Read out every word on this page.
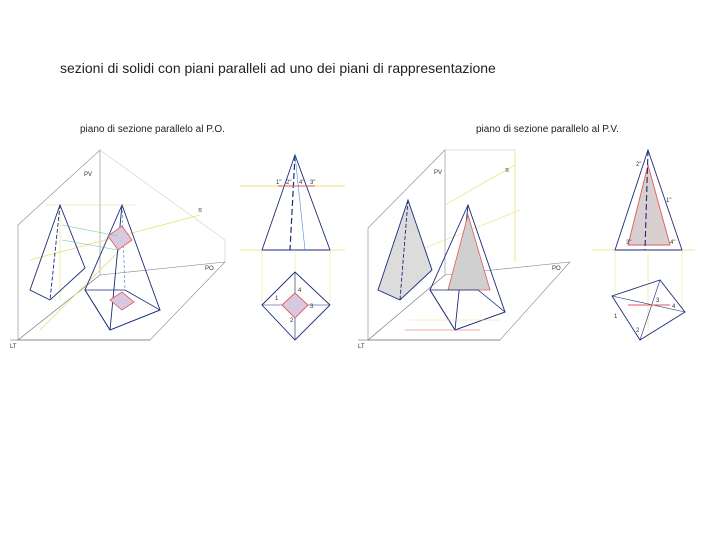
sezioni di solidi con piani paralleli ad uno dei piani di rappresentazione
piano di sezione parallelo al P.O.	piano di sezione parallelo al P.V.
PV
PO
LT
π
1" 2" 4" 3"
1
2
3
4
PV
PO
LT
π
2"
1"
3"	4"
1
2
3
4
